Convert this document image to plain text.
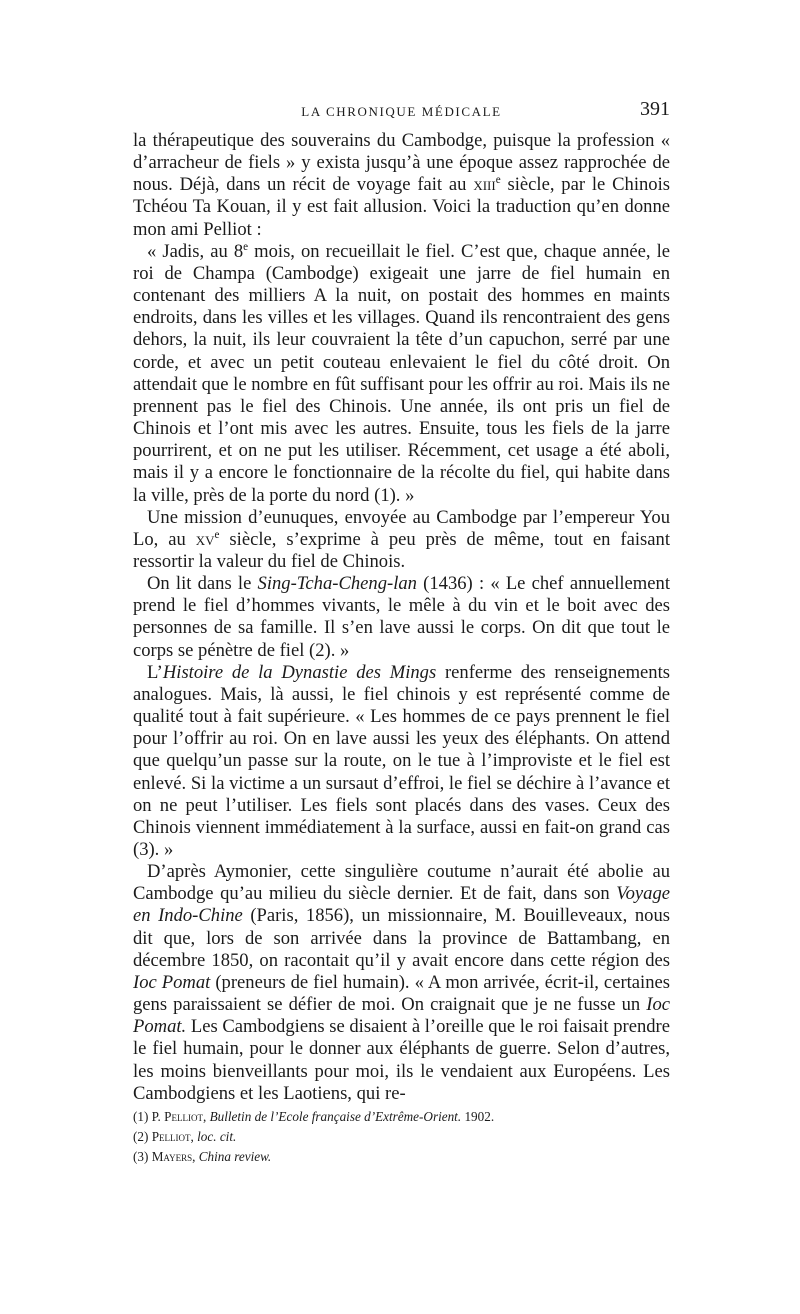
LA CHRONIQUE MÉDICALE	391

la thérapeutique des souverains du Cambodge, puisque la profession « d’arracheur de fiels » y exista jusqu’à une époque assez rapprochée de nous. Déjà, dans un récit de voyage fait au xiii$^e$ siècle, par le Chinois Tchéou Ta Kouan, il y est fait allusion. Voici la traduction qu’en donne mon ami Pelliot :

« Jadis, au 8e mois, on recueillait le fiel. C’est que, chaque année, le roi de Champa (Cambodge) exigeait une jarre de fiel humain en contenant des milliers A la nuit, on postait des hommes en maints endroits, dans les villes et les villages. Quand ils rencontraient des gens dehors, la nuit, ils leur couvraient la tête d’un capuchon, serré par une corde, et avec un petit couteau enlevaient le fiel du côté droit. On attendait que le nombre en fût suffisant pour les offrir au roi. Mais ils ne prennent pas le fiel des Chinois. Une année, ils ont pris un fiel de Chinois et l’ont mis avec les autres. Ensuite, tous les fiels de la jarre pourrirent, et on ne put les utiliser. Récemment, cet usage a été aboli, mais il y a encore le fonctionnaire de la récolte du fiel, qui habite dans la ville, près de la porte du nord (1). »

Une mission d’eunuques, envoyée au Cambodge par l’empereur You Lo, au $xv^e$ siècle, s’exprime à peu près de même, tout en faisant ressortir la valeur du fiel de Chinois.

On lit dans le Sing-Tcha-Cheng-lan (1436) : « Le chef annuellement prend le fiel d’hommes vivants, le mêle à du vin et le boit avec des personnes de sa famille. Il s’en lave aussi le corps. On dit que tout le corps se pénètre de fiel (2). »

L’Histoire de la Dynastie des Mings renferme des renseignements analogues. Mais, là aussi, le fiel chinois y est représenté comme de qualité tout à fait supérieure. « Les hommes de ce pays prennent le fiel pour l’offrir au roi. On en lave aussi les yeux des éléphants. On attend que quelqu’un passe sur la route, on le tue à l’improviste et le fiel est enlevé. Si la victime a un sursaut d’effroi, le fiel se déchire à l’avance et on ne peut l’utiliser. Les fiels sont placés dans des vases. Ceux des Chinois viennent immédiatement à la surface, aussi en fait-on grand cas (3). »

D’après Aymonier, cette singulière coutume n’aurait été abolie au Cambodge qu’au milieu du siècle dernier. Et de fait, dans son Voyage en Indo-Chine (Paris, 1856), un missionnaire, M. Bouilleveaux, nous dit que, lors de son arrivée dans la province de Battambang, en décembre 1850, on racontait qu’il y avait encore dans cette région des Ioc Pomat (preneurs de fiel humain). « A mon arrivée, écrit-il, certaines gens paraissaient se défier de moi. On craignait que je ne fusse un Ioc Pomat. Les Cambodgiens se disaient à l’oreille que le roi faisait prendre le fiel humain, pour le donner aux éléphants de guerre. Selon d’autres, les moins bienveillants pour moi, ils le vendaient aux Européens. Les Cambodgiens et les Laotiens, qui re-

(1) P. Pelliot, Bulletin de l’Ecole française d’Extrême-Orient. 1902.
(2) Pelliot, loc. cit.
(3) Mayers, China review.
